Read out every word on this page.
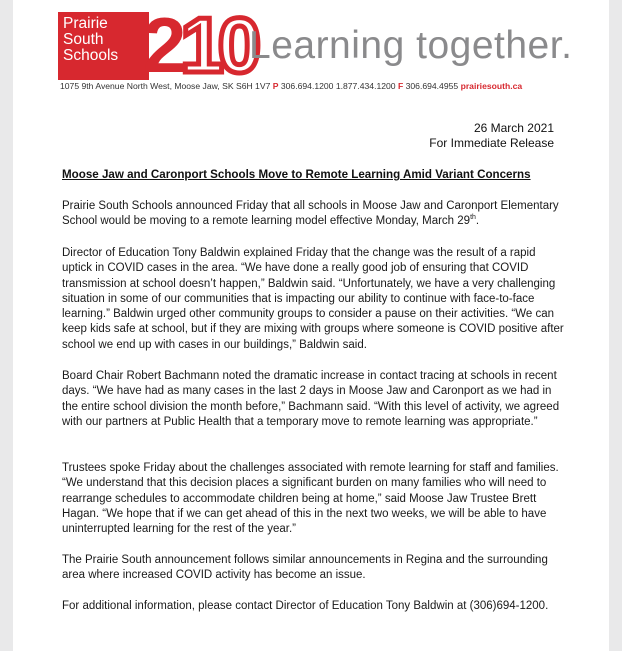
Prairie
South
Schools 210
Learning together.
1075 9th Avenue North West, Moose Jaw, SK S6H 1V7 P 306.694.1200 1.877.434.1200 F 306.694.4955 prairiesouth.ca
26 March 2021
For Immediate Release
Moose Jaw and Caronport Schools Move to Remote Learning Amid Variant Concerns
Prairie South Schools announced Friday that all schools in Moose Jaw and Caronport Elementary School would be moving to a remote learning model effective Monday, March 29th.
Director of Education Tony Baldwin explained Friday that the change was the result of a rapid uptick in COVID cases in the area. “We have done a really good job of ensuring that COVID transmission at school doesn’t happen,” Baldwin said. “Unfortunately, we have a very challenging situation in some of our communities that is impacting our ability to continue with face-to-face learning.” Baldwin urged other community groups to consider a pause on their activities. “We can keep kids safe at school, but if they are mixing with groups where someone is COVID positive after school we end up with cases in our buildings,” Baldwin said.
Board Chair Robert Bachmann noted the dramatic increase in contact tracing at schools in recent days. “We have had as many cases in the last 2 days in Moose Jaw and Caronport as we had in the entire school division the month before,” Bachmann said. “With this level of activity, we agreed with our partners at Public Health that a temporary move to remote learning was appropriate.”
Trustees spoke Friday about the challenges associated with remote learning for staff and families. “We understand that this decision places a significant burden on many families who will need to rearrange schedules to accommodate children being at home,” said Moose Jaw Trustee Brett Hagan. “We hope that if we can get ahead of this in the next two weeks, we will be able to have uninterrupted learning for the rest of the year.”
The Prairie South announcement follows similar announcements in Regina and the surrounding area where increased COVID activity has become an issue.
For additional information, please contact Director of Education Tony Baldwin at (306)694-1200.
